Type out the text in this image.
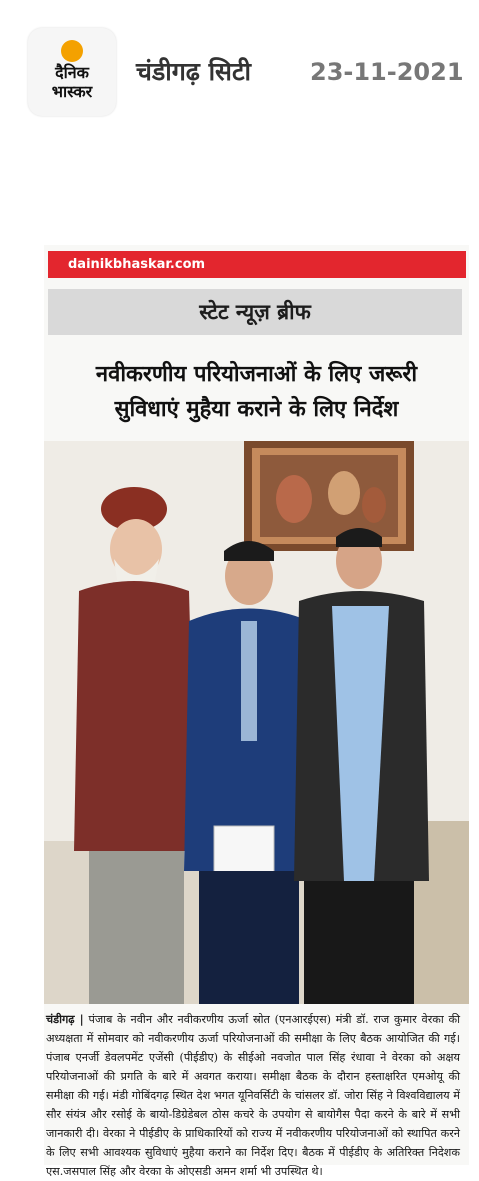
दैनिक
भास्कर
चंडीगढ़ सिटी 23-11-2021
dainikbhaskar.com
स्टेट न्यूज़ ब्रीफ
नवीकरणीय परियोजनाओं के लिए जरूरी
सुविधाएं मुहैया कराने के लिए निर्देश
चंडीगढ़ | पंजाब के नवीन और नवीकरणीय ऊर्जा स्रोत (एनआरईएस) मंत्री डॉ. राज कुमार वेरका की अध्यक्षता में सोमवार को नवीकरणीय ऊर्जा परियोजनाओं की समीक्षा के लिए बैठक आयोजित की गई। पंजाब एनर्जी डेवलपमेंट एजेंसी (पीईडीए) के सीईओ नवजोत पाल सिंह रंधावा ने वेरका को अक्षय परियोजनाओं की प्रगति के बारे में अवगत कराया। समीक्षा बैठक के दौरान हस्ताक्षरित एमओयू की समीक्षा की गई। मंडी गोबिंदगढ़ स्थित देश भगत यूनिवर्सिटी के चांसलर डॉ. जोरा सिंह ने विश्वविद्यालय में सौर संयंत्र और रसोई के बायो-डिग्रेडेबल ठोस कचरे के उपयोग से बायोगैस पैदा करने के बारे में सभी जानकारी दी। वेरका ने पीईडीए के प्राधिकारियों को राज्य में नवीकरणीय परियोजनाओं को स्थापित करने के लिए सभी आवश्यक सुविधाएं मुहैया कराने का निर्देश दिए। बैठक में पीईडीए के अतिरिक्त निदेशक एस.जसपाल सिंह और वेरका के ओएसडी अमन शर्मा भी उपस्थित थे।
